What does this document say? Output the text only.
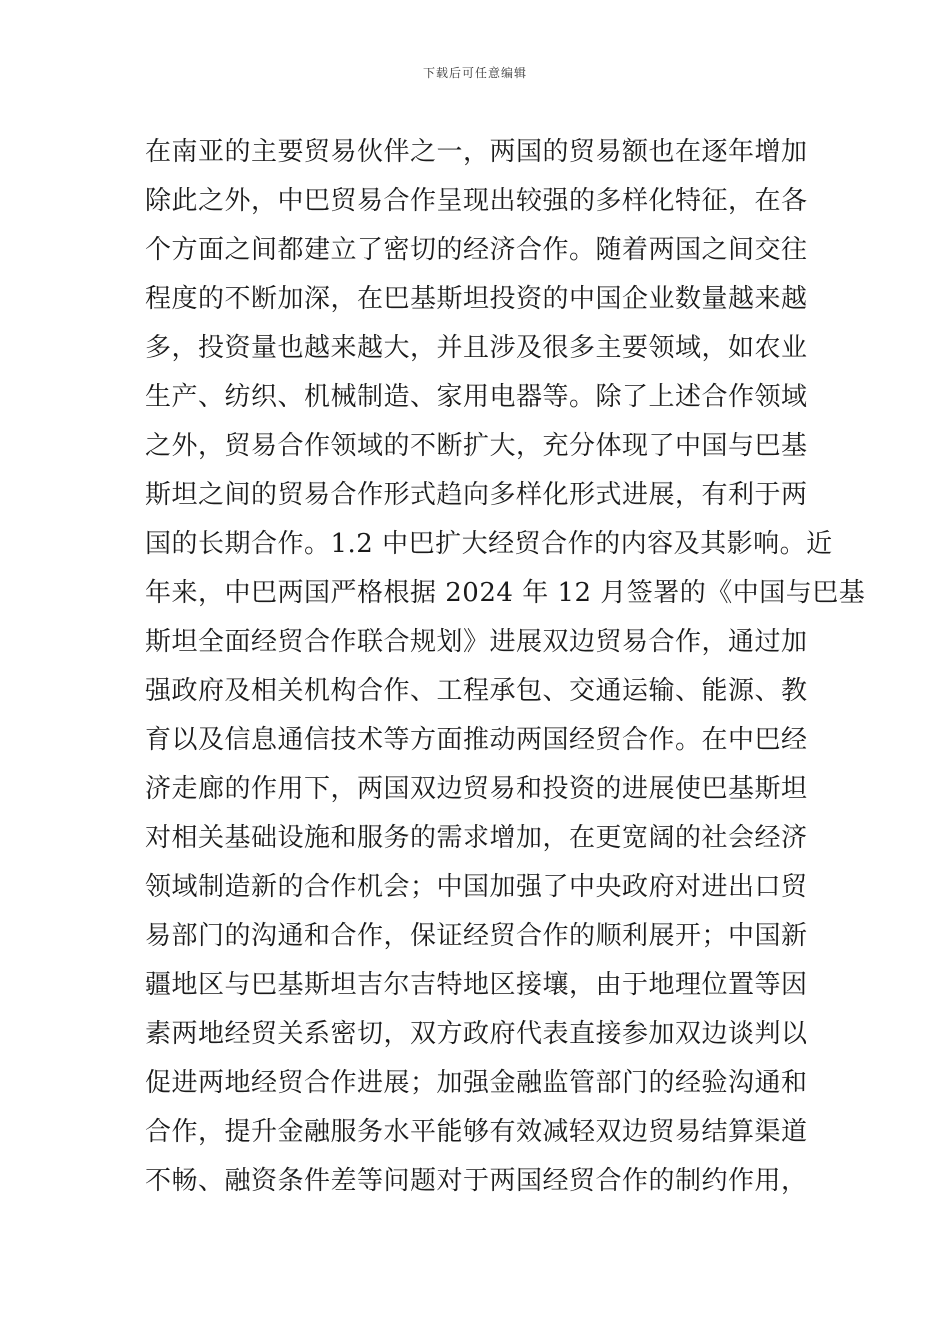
下载后可任意编辑
在南亚的主要贸易伙伴之一，两国的贸易额也在逐年增加
除此之外，中巴贸易合作呈现出较强的多样化特征，在各
个方面之间都建立了密切的经济合作。随着两国之间交往
程度的不断加深，在巴基斯坦投资的中国企业数量越来越
多，投资量也越来越大，并且涉及很多主要领域，如农业
生产、纺织、机械制造、家用电器等。除了上述合作领域
之外，贸易合作领域的不断扩大，充分体现了中国与巴基
斯坦之间的贸易合作形式趋向多样化形式进展，有利于两
国的长期合作。1.2 中巴扩大经贸合作的内容及其影响。近
年来，中巴两国严格根据 2024 年 12 月签署的《中国与巴基
斯坦全面经贸合作联合规划》进展双边贸易合作，通过加
强政府及相关机构合作、工程承包、交通运输、能源、教
育以及信息通信技术等方面推动两国经贸合作。在中巴经
济走廊的作用下，两国双边贸易和投资的进展使巴基斯坦
对相关基础设施和服务的需求增加，在更宽阔的社会经济
领域制造新的合作机会；中国加强了中央政府对进出口贸
易部门的沟通和合作，保证经贸合作的顺利展开；中国新
疆地区与巴基斯坦吉尔吉特地区接壤，由于地理位置等因
素两地经贸关系密切，双方政府代表直接参加双边谈判以
促进两地经贸合作进展；加强金融监管部门的经验沟通和
合作，提升金融服务水平能够有效减轻双边贸易结算渠道
不畅、融资条件差等问题对于两国经贸合作的制约作用，
